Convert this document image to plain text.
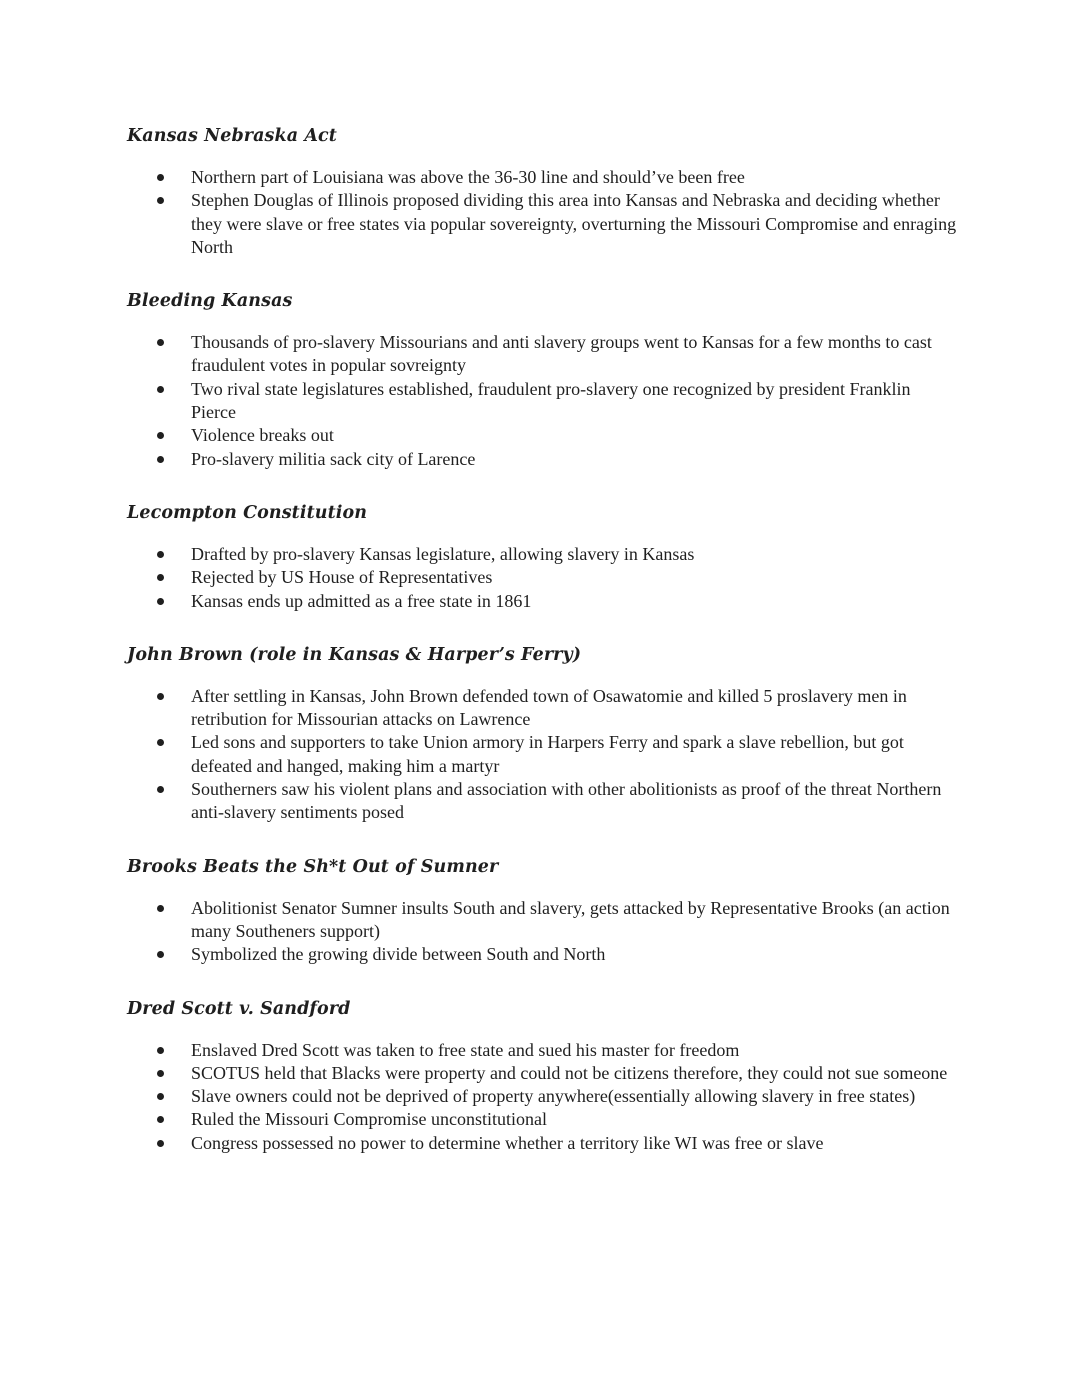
Kansas Nebraska Act
Northern part of Louisiana was above the 36-30 line and should’ve been free
Stephen Douglas of Illinois proposed dividing this area into Kansas and Nebraska and deciding whether they were slave or free states via popular sovereignty, overturning the Missouri Compromise and enraging North
Bleeding Kansas
Thousands of pro-slavery Missourians and anti slavery groups went to Kansas for a few months to cast fraudulent votes in popular sovreignty
Two rival state legislatures established, fraudulent pro-slavery one recognized by president Franklin Pierce
Violence breaks out
Pro-slavery militia sack city of Larence
Lecompton Constitution
Drafted by pro-slavery Kansas legislature, allowing slavery in Kansas
Rejected by US House of Representatives
Kansas ends up admitted as a free state in 1861
John Brown (role in Kansas & Harper’s Ferry)
After settling in Kansas, John Brown defended town of Osawatomie and killed 5 proslavery men in retribution for Missourian attacks on Lawrence
Led sons and supporters to take Union armory in Harpers Ferry and spark a slave rebellion, but got defeated and hanged, making him a martyr
Southerners saw his violent plans and association with other abolitionists as proof of the threat Northern anti-slavery sentiments posed
Brooks Beats the Sh*t Out of Sumner
Abolitionist Senator Sumner insults South and slavery, gets attacked by Representative Brooks (an action many Southeners support)
Symbolized the growing divide between South and North
Dred Scott v. Sandford
Enslaved Dred Scott was taken to free state and sued his master for freedom
SCOTUS held that Blacks were property and could not be citizens therefore, they could not sue someone
Slave owners could not be deprived of property anywhere(essentially allowing slavery in free states)
Ruled the Missouri Compromise unconstitutional
Congress possessed no power to determine whether a territory like WI was free or slave
